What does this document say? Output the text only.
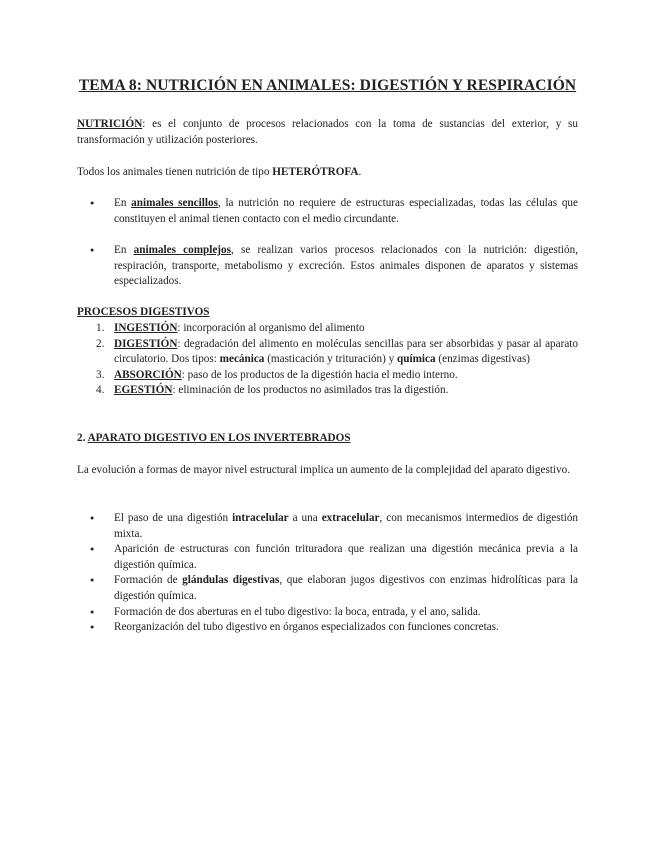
TEMA 8: NUTRICIÓN EN ANIMALES: DIGESTIÓN Y RESPIRACIÓN
NUTRICIÓN: es el conjunto de procesos relacionados con la toma de sustancias del exterior, y su transformación y utilización posteriores.
Todos los animales tienen nutrición de tipo HETERÓTROFA.
● En animales sencillos, la nutrición no requiere de estructuras especializadas, todas las células que constituyen el animal tienen contacto con el medio circundante.
● En animales complejos, se realizan varios procesos relacionados con la nutrición: digestión, respiración, transporte, metabolismo y excreción. Estos animales disponen de aparatos y sistemas especializados.
PROCESOS DIGESTIVOS
1. INGESTIÓN: incorporación al organismo del alimento
2. DIGESTIÓN: degradación del alimento en moléculas sencillas para ser absorbidas y pasar al aparato circulatorio. Dos tipos: mecánica (masticación y trituración) y química (enzimas digestivas)
3. ABSORCIÓN: paso de los productos de la digestión hacia el medio interno.
4. EGESTIÓN: eliminación de los productos no asimilados tras la digestión.
2. APARATO DIGESTIVO EN LOS INVERTEBRADOS
La evolución a formas de mayor nivel estructural implica un aumento de la complejidad del aparato digestivo.
● El paso de una digestión intracelular a una extracelular, con mecanismos intermedios de digestión mixta.
● Aparición de estructuras con función trituradora que realizan una digestión mecánica previa a la digestión química.
● Formación de glándulas digestivas, que elaboran jugos digestivos con enzimas hidrolíticas para la digestión química.
● Formación de dos aberturas en el tubo digestivo: la boca, entrada, y el ano, salida.
● Reorganización del tubo digestivo en órganos especializados con funciones concretas.
